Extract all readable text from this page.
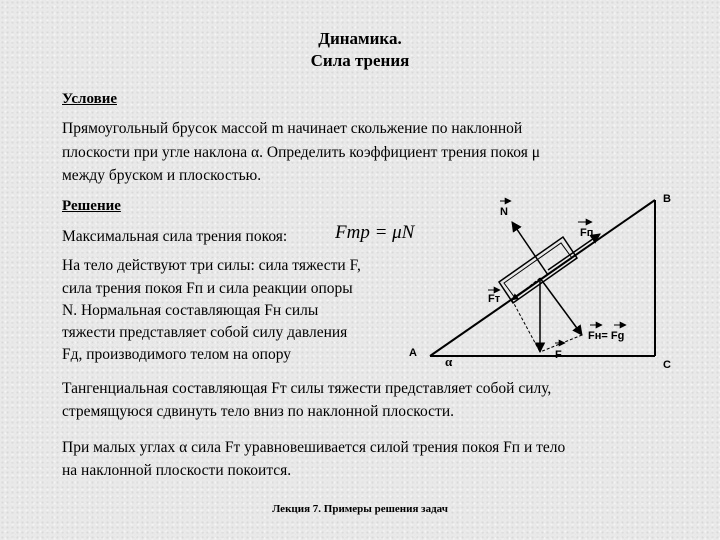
Динамика.
Сила трения
Условие
Прямоугольный брусок массой m начинает скольжение по наклонной
плоскости при угле наклона α. Определить коэффициент трения покоя μ
между бруском и плоскостью.
Решение
Максимальная сила трения покоя:	Fтр = μN
На тело действуют три силы: сила тяжести F,
сила трения покоя Fп и сила реакции опоры
N. Нормальная составляющая Fн силы
тяжести представляет собой силу давления
Fд, производимого телом на опору
Тангенциальная составляющая Fт силы тяжести представляет собой силу,
стремящуюся сдвинуть тело вниз по наклонной плоскости.
При малых углах α сила Fт уравновешивается силой трения покоя Fп и тело
на наклонной плоскости покоится.
Лекция 7. Примеры решения задач
A
B
C
α
N
Fп
Fт
F
Fн= Fg
